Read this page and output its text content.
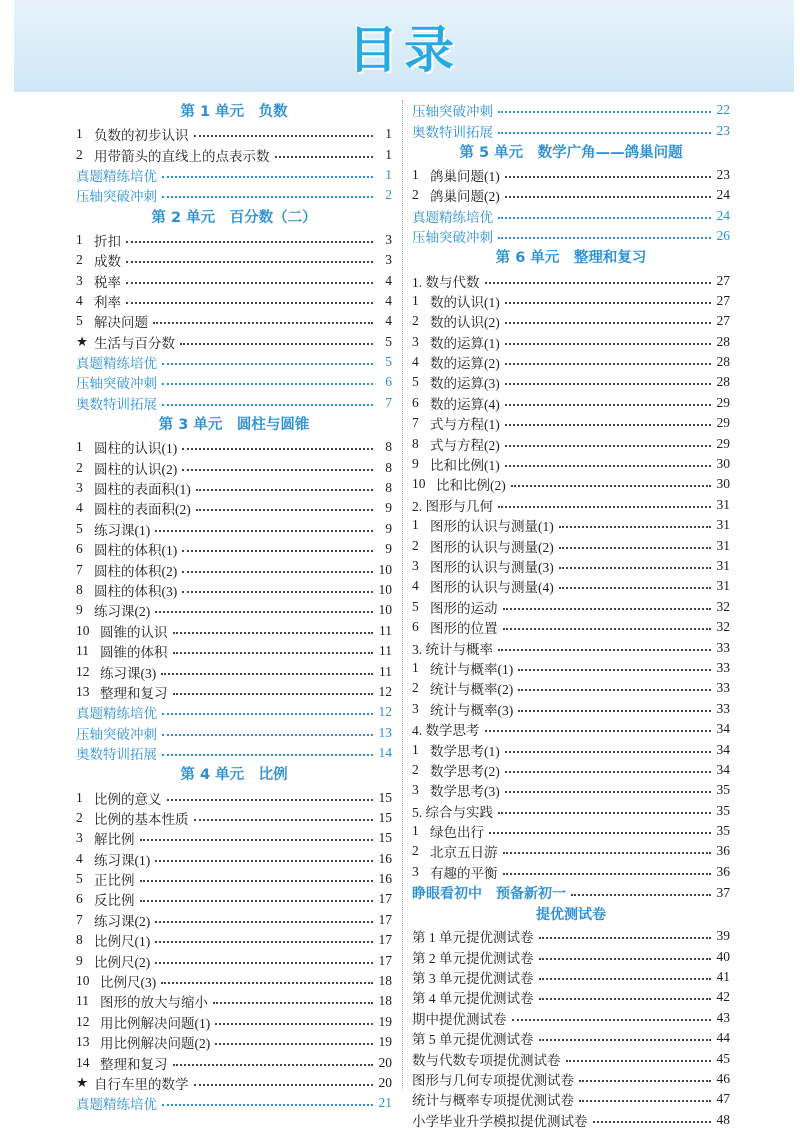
目录
第 1 单元　负数
1 负数的初步认识	1
2 用带箭头的直线上的点表示数	1
真题精练培优	1
压轴突破冲刺	2
第 2 单元　百分数（二）
1 折扣	3
2 成数	3
3 税率	4
4 利率	4
5 解决问题	4
★ 生活与百分数	5
真题精练培优	5
压轴突破冲刺	6
奥数特训拓展	7
第 3 单元　圆柱与圆锥
1 圆柱的认识(1)	8
2 圆柱的认识(2)	8
3 圆柱的表面积(1)	8
4 圆柱的表面积(2)	9
5 练习课(1)	9
6 圆柱的体积(1)	9
7 圆柱的体积(2)	10
8 圆柱的体积(3)	10
9 练习课(2)	10
10 圆锥的认识	11
11 圆锥的体积	11
12 练习课(3)	11
13 整理和复习	12
真题精练培优	12
压轴突破冲刺	13
奥数特训拓展	14
第 4 单元　比例
1 比例的意义	15
2 比例的基本性质	15
3 解比例	15
4 练习课(1)	16
5 正比例	16
6 反比例	17
7 练习课(2)	17
8 比例尺(1)	17
9 比例尺(2)	17
10 比例尺(3)	18
11 图形的放大与缩小	18
12 用比例解决问题(1)	19
13 用比例解决问题(2)	19
14 整理和复习	20
★ 自行车里的数学	20
真题精练培优	21
压轴突破冲刺	22
奥数特训拓展	23
第 5 单元　数学广角——鸽巢问题
1 鸽巢问题(1)	23
2 鸽巢问题(2)	24
真题精练培优	24
压轴突破冲刺	26
第 6 单元　整理和复习
1. 数与代数	27
1 数的认识(1)	27
2 数的认识(2)	27
3 数的运算(1)	28
4 数的运算(2)	28
5 数的运算(3)	28
6 数的运算(4)	29
7 式与方程(1)	29
8 式与方程(2)	29
9 比和比例(1)	30
10 比和比例(2)	30
2. 图形与几何	31
1 图形的认识与测量(1)	31
2 图形的认识与测量(2)	31
3 图形的认识与测量(3)	31
4 图形的认识与测量(4)	31
5 图形的运动	32
6 图形的位置	32
3. 统计与概率	33
1 统计与概率(1)	33
2 统计与概率(2)	33
3 统计与概率(3)	33
4. 数学思考	34
1 数学思考(1)	34
2 数学思考(2)	34
3 数学思考(3)	35
5. 综合与实践	35
1 绿色出行	35
2 北京五日游	36
3 有趣的平衡	36
睁眼看初中　预备新初一	37
提优测试卷
第 1 单元提优测试卷	39
第 2 单元提优测试卷	40
第 3 单元提优测试卷	41
第 4 单元提优测试卷	42
期中提优测试卷	43
第 5 单元提优测试卷	44
数与代数专项提优测试卷	45
图形与几何专项提优测试卷	46
统计与概率专项提优测试卷	47
小学毕业升学模拟提优测试卷	48
